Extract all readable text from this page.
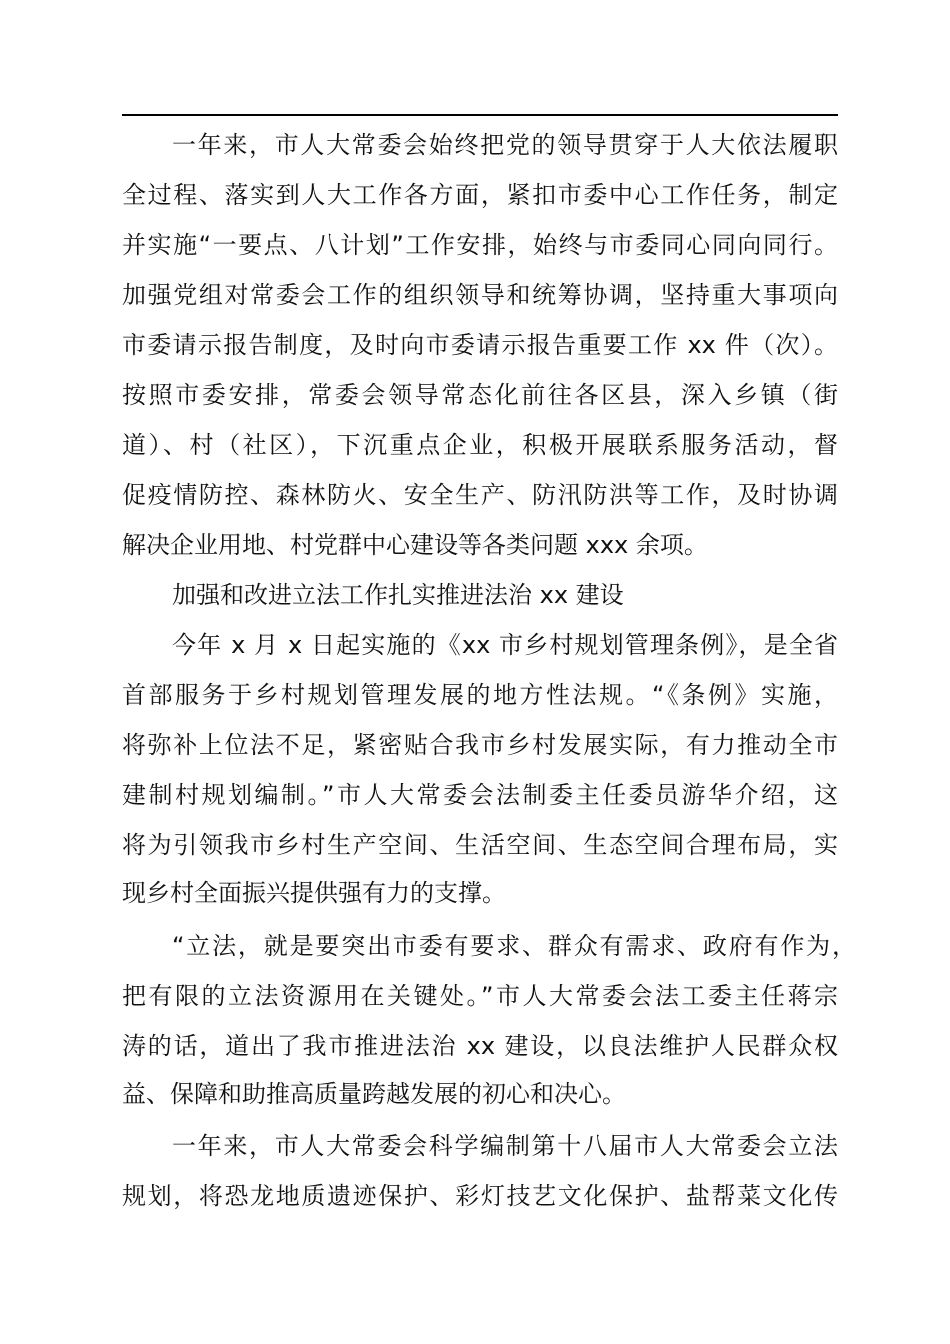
一年来，市人大常委会始终把党的领导贯穿于人大依法履职
全过程、落实到人大工作各方面，紧扣市委中心工作任务，制定
并实施“一要点、八计划”工作安排，始终与市委同心同向同行。
加强党组对常委会工作的组织领导和统筹协调，坚持重大事项向
市委请示报告制度，及时向市委请示报告重要工作 xx 件（次）。
按照市委安排，常委会领导常态化前往各区县，深入乡镇（街
道）、村（社区），下沉重点企业，积极开展联系服务活动，督
促疫情防控、森林防火、安全生产、防汛防洪等工作，及时协调
解决企业用地、村党群中心建设等各类问题 xxx 余项。
加强和改进立法工作扎实推进法治 xx 建设
今年 x 月 x 日起实施的《xx 市乡村规划管理条例》，是全省
首部服务于乡村规划管理发展的地方性法规。“《条例》实施，
将弥补上位法不足，紧密贴合我市乡村发展实际，有力推动全市
建制村规划编制。”市人大常委会法制委主任委员游华介绍，这
将为引领我市乡村生产空间、生活空间、生态空间合理布局，实
现乡村全面振兴提供强有力的支撑。
“立法，就是要突出市委有要求、群众有需求、政府有作为，
把有限的立法资源用在关键处。”市人大常委会法工委主任蒋宗
涛的话，道出了我市推进法治 xx 建设，以良法维护人民群众权
益、保障和助推高质量跨越发展的初心和决心。
一年来，市人大常委会科学编制第十八届市人大常委会立法
规划，将恐龙地质遗迹保护、彩灯技艺文化保护、盐帮菜文化传
